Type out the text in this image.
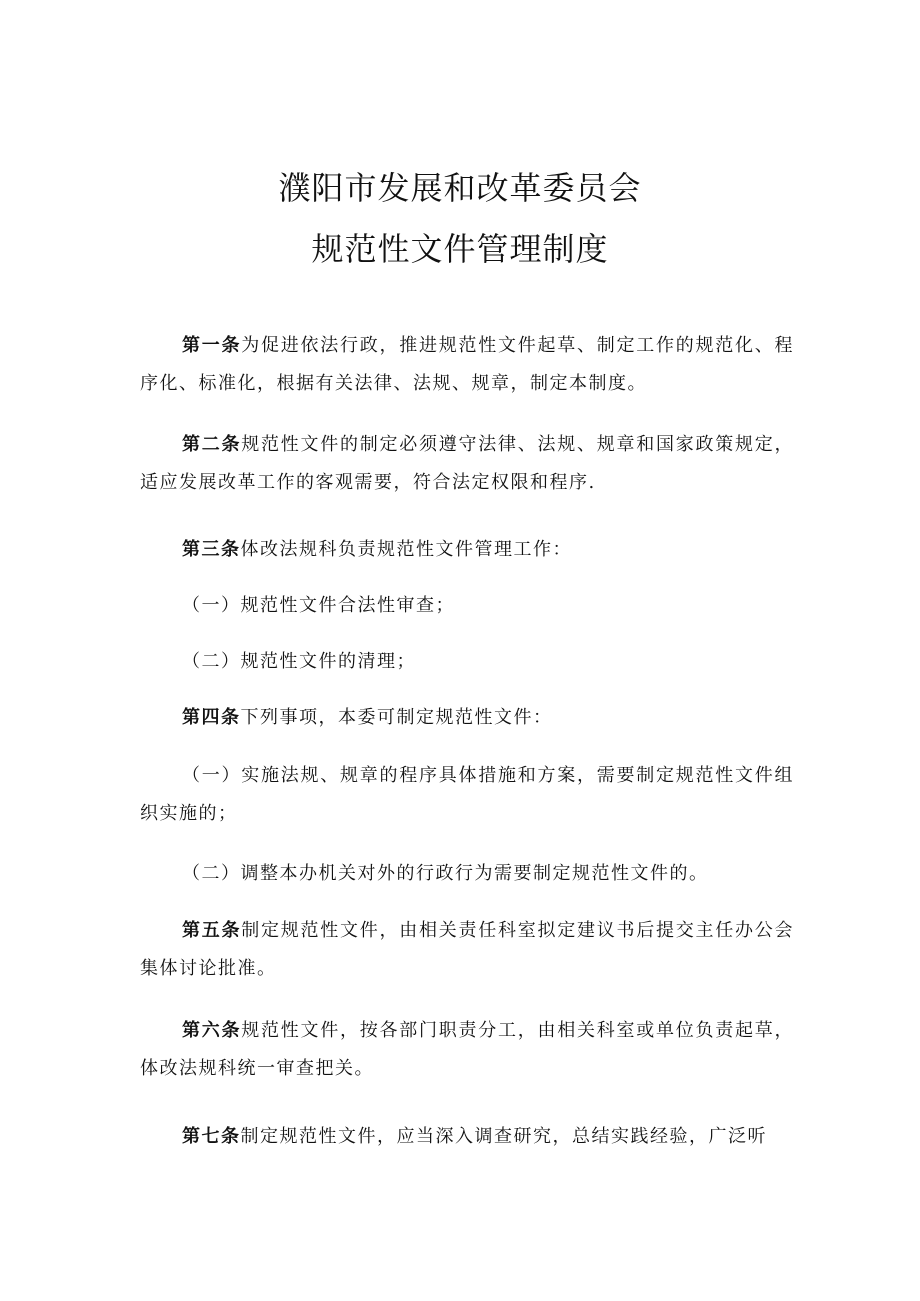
濮阳市发展和改革委员会
规范性文件管理制度
第一条为促进依法行政，推进规范性文件起草、制定工作的规范化、程序化、标准化，根据有关法律、法规、规章，制定本制度。
第二条规范性文件的制定必须遵守法律、法规、规章和国家政策规定，适应发展改革工作的客观需要，符合法定权限和程序.
第三条体改法规科负责规范性文件管理工作：
（一）规范性文件合法性审查；
（二）规范性文件的清理；
第四条下列事项，本委可制定规范性文件：
（一）实施法规、规章的程序具体措施和方案，需要制定规范性文件组织实施的；
（二）调整本办机关对外的行政行为需要制定规范性文件的。
第五条制定规范性文件，由相关责任科室拟定建议书后提交主任办公会集体讨论批准。
第六条规范性文件，按各部门职责分工，由相关科室或单位负责起草，体改法规科统一审查把关。
第七条制定规范性文件，应当深入调查研究，总结实践经验，广泛听
